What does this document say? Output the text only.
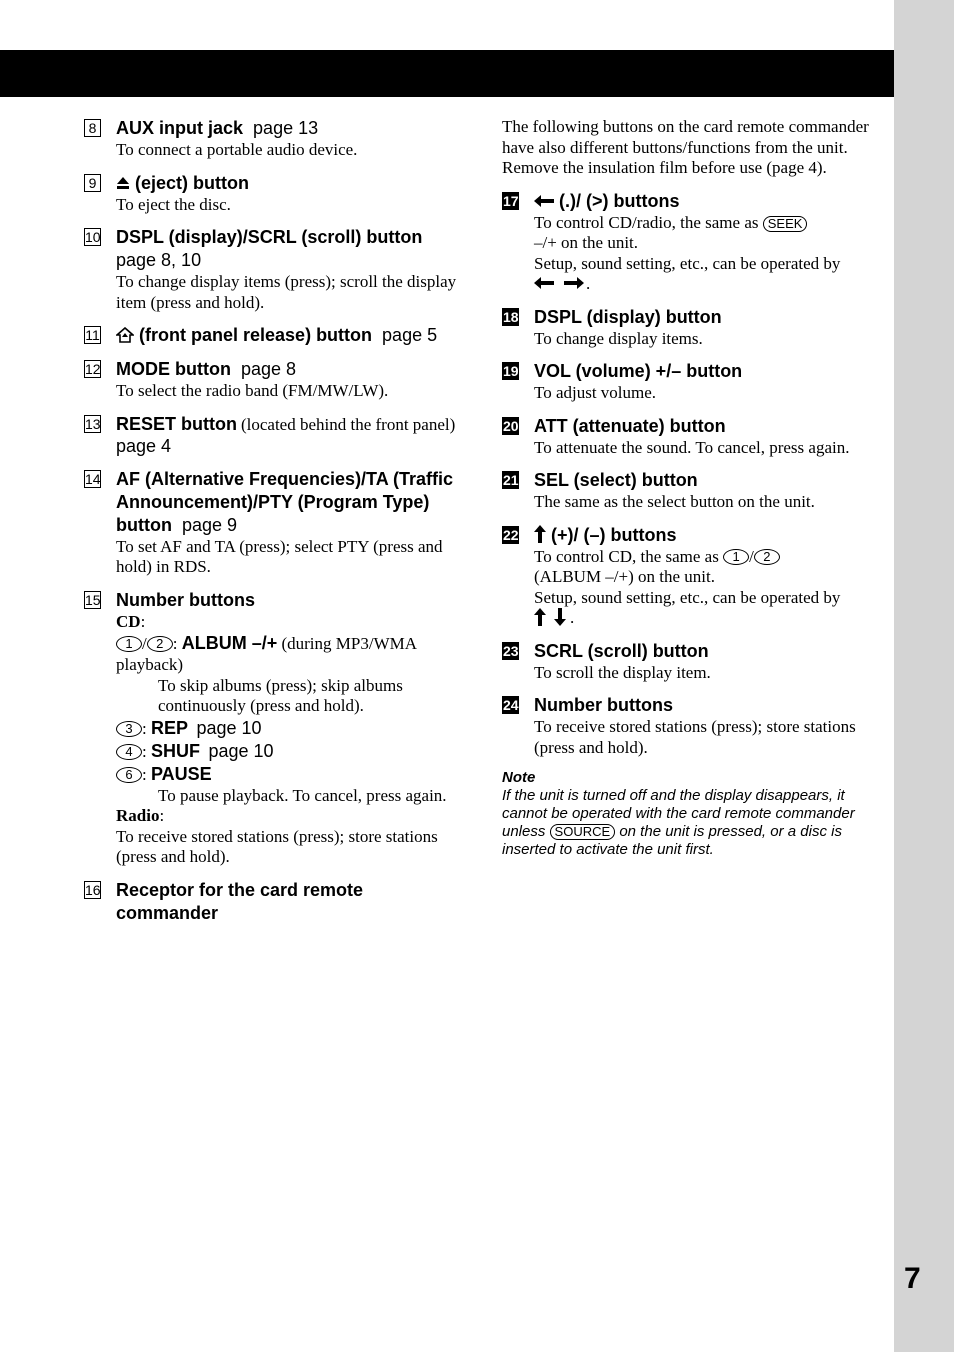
8 AUX input jack page 13
To connect a portable audio device.
9	(eject) button
To eject the disc.
10 DSPL (display)/SCRL (scroll) button
page 8, 10
To change display items (press); scroll the display item (press and hold).
11	(front panel release) button page 5
12 MODE button page 8
To select the radio band (FM/MW/LW).
13 RESET button (located behind the front panel)  page 4
14 AF (Alternative Frequencies)/TA (Traffic Announcement)/PTY (Program Type) button page 9
To set AF and TA (press); select PTY (press and hold) in RDS.
15 Number buttons
CD:
1 / 2 : ALBUM –/+ (during MP3/WMA playback)
To skip albums (press); skip albums continuously (press and hold).
3 : REP page 10
4 : SHUF page 10
6 : PAUSE
To pause playback. To cancel, press again.
Radio:
To receive stored stations (press); store stations (press and hold).
16 Receptor for the card remote commander
The following buttons on the card remote commander have also different buttons/functions from the unit. Remove the insulation film before use (page 4).
17	(.)/ (>) buttons
To control CD/radio, the same as SEEK
–/+ on the unit.
Setup, sound setting, etc., can be operated by .
18 DSPL (display) button
To change display items.
19 VOL (volume) +/– button
To adjust volume.
20 ATT (attenuate) button
To attenuate the sound. To cancel, press again.
21 SEL (select) button
The same as the select button on the unit.
22	(+)/ (–) buttons
To control CD, the same as 1 / 2
(ALBUM –/+) on the unit.
Setup, sound setting, etc., can be operated by
.
23 SCRL (scroll) button
To scroll the display item.
24 Number buttons
To receive stored stations (press); store stations (press and hold).
Note
If the unit is turned off and the display disappears, it cannot be operated with the card remote commander unless SOURCE on the unit is pressed, or a disc is inserted to activate the unit first.
7
